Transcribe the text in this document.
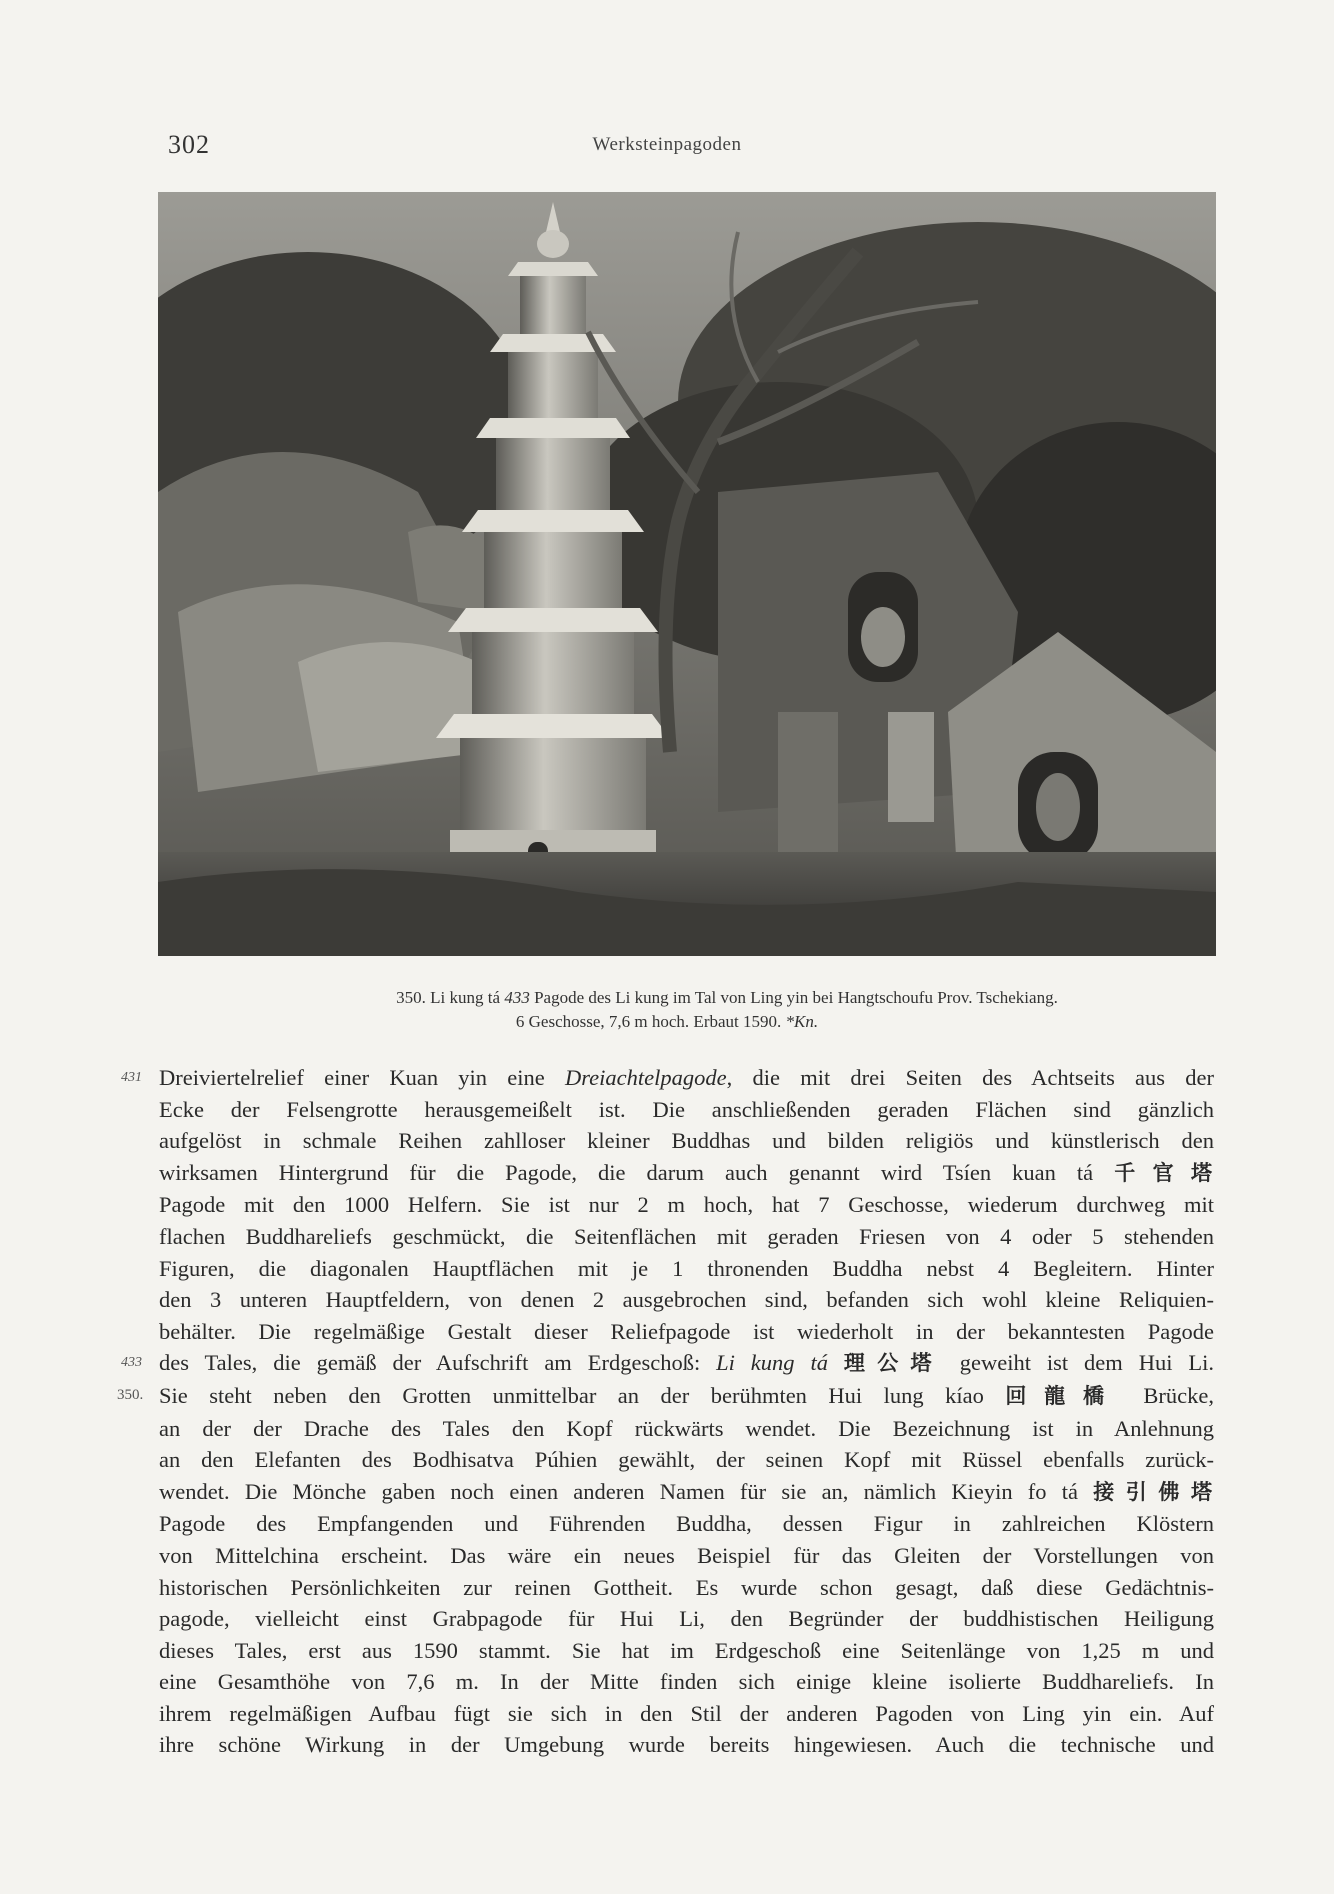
302	Werksteinpagoden
350. Li kung tá 433 Pagode des Li kung im Tal von Ling yin bei Hangtschoufu Prov. Tschekiang.
6 Geschosse, 7,6 m hoch. Erbaut 1590. *Kn.
431 Dreiviertelrelief einer Kuan yin eine Dreiachtelpagode, die mit drei Seiten des Achtseits aus der
Ecke der Felsengrotte herausgemeißelt ist. Die anschließenden geraden Flächen sind gänzlich
aufgelöst in schmale Reihen zahlloser kleiner Buddhas und bilden religiös und künstlerisch den
wirksamen Hintergrund für die Pagode, die darum auch genannt wird Tsíen kuan tá 千官塔
Pagode mit den 1000 Helfern. Sie ist nur 2 m hoch, hat 7 Geschosse, wiederum durchweg mit
flachen Buddhareliefs geschmückt, die Seitenflächen mit geraden Friesen von 4 oder 5 stehenden
Figuren, die diagonalen Hauptflächen mit je 1 thronenden Buddha nebst 4 Begleitern. Hinter
den 3 unteren Hauptfeldern, von denen 2 ausgebrochen sind, befanden sich wohl kleine Reliquien-
behälter. Die regelmäßige Gestalt dieser Reliefpagode ist wiederholt in der bekanntesten Pagode
433 des Tales, die gemäß der Aufschrift am Erdgeschoß: Li kung tá 理公塔 geweiht ist dem Hui Li.
350. Sie steht neben den Grotten unmittelbar an der berühmten Hui lung kíao 回龍橋 Brücke,
an der der Drache des Tales den Kopf rückwärts wendet. Die Bezeichnung ist in Anlehnung
an den Elefanten des Bodhisatva Púhien gewählt, der seinen Kopf mit Rüssel ebenfalls zurück-
wendet. Die Mönche gaben noch einen anderen Namen für sie an, nämlich Kieyin fo tá 接引佛塔
Pagode des Empfangenden und Führenden Buddha, dessen Figur in zahlreichen Klöstern
von Mittelchina erscheint. Das wäre ein neues Beispiel für das Gleiten der Vorstellungen von
historischen Persönlichkeiten zur reinen Gottheit. Es wurde schon gesagt, daß diese Gedächtnis-
pagode, vielleicht einst Grabpagode für Hui Li, den Begründer der buddhistischen Heiligung
dieses Tales, erst aus 1590 stammt. Sie hat im Erdgeschoß eine Seitenlänge von 1,25 m und
eine Gesamthöhe von 7,6 m. In der Mitte finden sich einige kleine isolierte Buddhareliefs. In
ihrem regelmäßigen Aufbau fügt sie sich in den Stil der anderen Pagoden von Ling yin ein. Auf
ihre schöne Wirkung in der Umgebung wurde bereits hingewiesen. Auch die technische und
